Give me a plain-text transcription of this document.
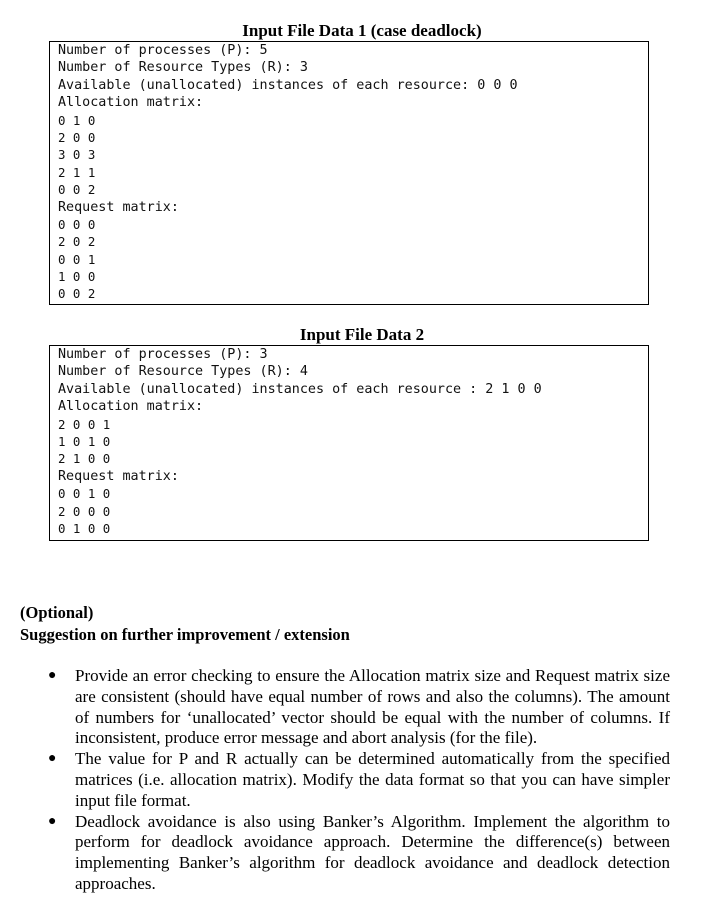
Input File Data 1 (case deadlock)
Number of processes (P): 5
Number of Resource Types (R): 3
Available (unallocated) instances of each resource: 0 0 0
Allocation matrix:
0 1 0
2 0 0
3 0 3
2 1 1
0 0 2
Request matrix:
0 0 0
2 0 2
0 0 1
1 0 0
0 0 2
Input File Data 2
Number of processes (P): 3
Number of Resource Types (R): 4
Available (unallocated) instances of each resource : 2 1 0 0
Allocation matrix:
2 0 0 1
1 0 1 0
2 1 0 0
Request matrix:
0 0 1 0
2 0 0 0
0 1 0 0
(Optional)
Suggestion on further improvement / extension
● Provide an error checking to ensure the Allocation matrix size and Request matrix size are consistent (should have equal number of rows and also the columns). The amount of numbers for ‘unallocated’ vector should be equal with the number of columns. If inconsistent, produce error message and abort analysis (for the file).
● The value for P and R actually can be determined automatically from the specified matrices (i.e. allocation matrix). Modify the data format so that you can have simpler input file format.
● Deadlock avoidance is also using Banker’s Algorithm. Implement the algorithm to perform for deadlock avoidance approach. Determine the difference(s) between implementing Banker’s algorithm for deadlock avoidance and deadlock detection approaches.
